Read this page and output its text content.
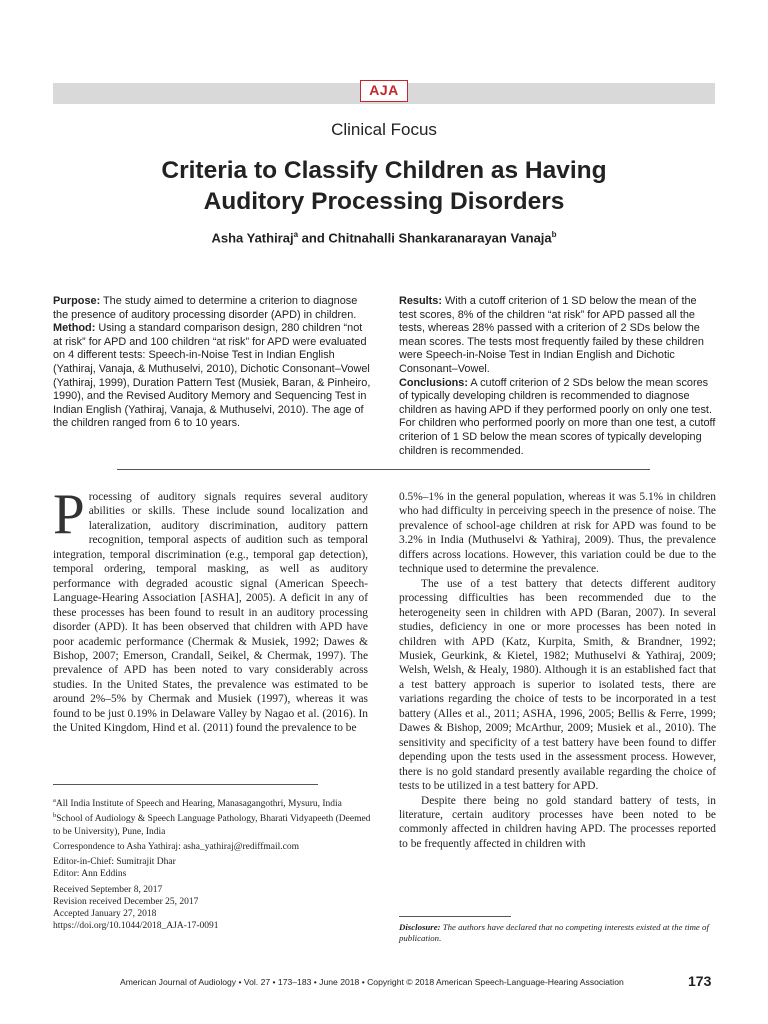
AJA
Clinical Focus
Criteria to Classify Children as Having
Auditory Processing Disorders
Asha Yathiraj$^a$ and Chitnahalli Shankaranarayan Vanaja$^b$

Purpose: The study aimed to determine a criterion to diagnose the presence of auditory processing disorder (APD) in children.

Method: Using a standard comparison design, 280 children “not at risk” for APD and 100 children “at risk” for APD were evaluated on 4 different tests: Speech-in-Noise Test in Indian English (Yathiraj, Vanaja, & Muthuselvi, 2010), Dichotic Consonant–Vowel (Yathiraj, 1999), Duration Pattern Test (Musiek, Baran, & Pinheiro, 1990), and the Revised Auditory Memory and Sequencing Test in Indian English (Yathiraj, Vanaja, & Muthuselvi, 2010). The age of the children ranged from 6 to 10 years.

Results: With a cutoff criterion of 1 SD below the mean of the test scores, 8% of the children “at risk” for APD passed all the tests, whereas 28% passed with a criterion of 2 SDs below the mean scores. The tests most frequently failed by these children were Speech-in-Noise Test in Indian English and Dichotic Consonant–Vowel.

Conclusions: A cutoff criterion of 2 SDs below the mean scores of typically developing children is recommended to diagnose children as having APD if they performed poorly on only one test. For children who performed poorly on more than one test, a cutoff criterion of 1 SD below the mean scores of typically developing children is recommended.

Processing of auditory signals requires several auditory abilities or skills. These include sound localization and lateralization, auditory discrimination, auditory pattern recognition, temporal aspects of audition such as temporal integration, temporal discrimination (e.g., temporal gap detection), temporal ordering, temporal masking, as well as auditory performance with degraded acoustic signal (American Speech-Language-Hearing Association [ASHA], 2005). A deficit in any of these processes has been found to result in an auditory processing disorder (APD). It has been observed that children with APD have poor academic performance (Chermak & Musiek, 1992; Dawes & Bishop, 2007; Emerson, Crandall, Seikel, & Chermak, 1997). The prevalence of APD has been noted to vary considerably across studies. In the United States, the prevalence was estimated to be around 2%–5% by Chermak and Musiek (1997), whereas it was found to be just 0.19% in Delaware Valley by Nagao et al. (2016). In the United Kingdom, Hind et al. (2011) found the prevalence to be

0.5%–1% in the general population, whereas it was 5.1% in children who had difficulty in perceiving speech in the presence of noise. The prevalence of school-age children at risk for APD was found to be 3.2% in India (Muthuselvi & Yathiraj, 2009). Thus, the prevalence differs across locations. However, this variation could be due to the technique used to determine the prevalence.

The use of a test battery that detects different auditory processing difficulties has been recommended due to the heterogeneity seen in children with APD (Baran, 2007). In several studies, deficiency in one or more processes has been noted in children with APD (Katz, Kurpita, Smith, & Brandner, 1992; Musiek, Geurkink, & Kietel, 1982; Muthuselvi & Yathiraj, 2009; Welsh, Welsh, & Healy, 1980). Although it is an established fact that a test battery approach is superior to isolated tests, there are variations regarding the choice of tests to be incorporated in a test battery (Alles et al., 2011; ASHA, 1996, 2005; Bellis & Ferre, 1999; Dawes & Bishop, 2009; McArthur, 2009; Musiek et al., 2010). The sensitivity and specificity of a test battery have been found to differ depending upon the tests used in the assessment process. However, there is no gold standard presently available regarding the choice of tests to be utilized in a test battery for APD.

Despite there being no gold standard battery of tests, in literature, certain auditory processes have been noted to be commonly affected in children having APD. The processes reported to be frequently affected in children with

$^a$All India Institute of Speech and Hearing, Manasagangothri, Mysuru, India

$^b$School of Audiology & Speech Language Pathology, Bharati Vidyapeeth (Deemed to be University), Pune, India

Correspondence to Asha Yathiraj: asha_yathiraj@rediffmail.com

Editor-in-Chief: Sumitrajit Dhar

Editor: Ann Eddins

Received September 8, 2017

Revision received December 25, 2017

Accepted January 27, 2018

https://doi.org/10.1044/2018_AJA-17-0091	Disclosure: The authors have declared that no competing interests existed at the time of publication.
American Journal of Audiology • Vol. 27 • 173–183 • June 2018 • Copyright © 2018 American Speech-Language-Hearing Association	173
